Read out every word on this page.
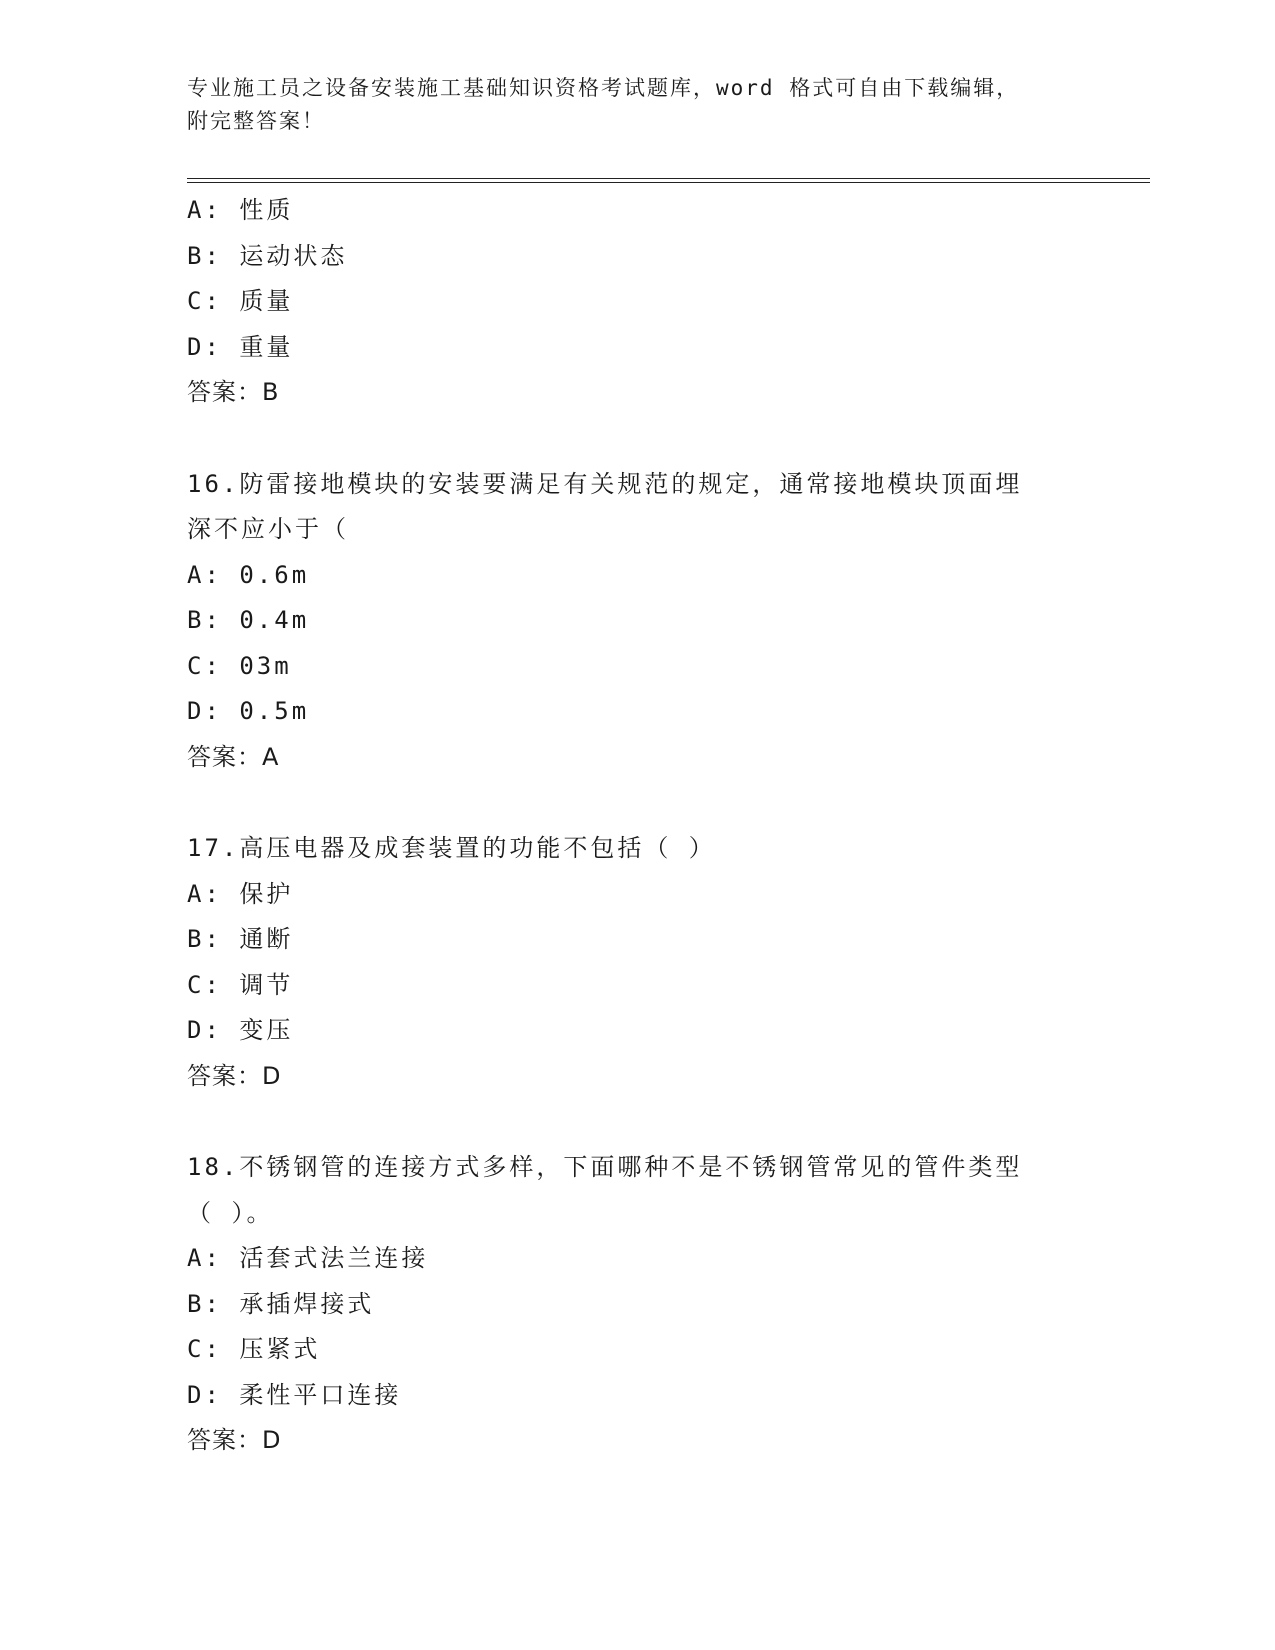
专业施工员之设备安装施工基础知识资格考试题库，word 格式可自由下载编辑，
附完整答案！
A: 性质
B: 运动状态
C: 质量
D: 重量
答案：B
16.防雷接地模块的安装要满足有关规范的规定，通常接地模块顶面埋
深不应小于（
A: 0.6m
B: 0.4m
C: 03m
D: 0.5m
答案：A
17.高压电器及成套装置的功能不包括（ ）
A: 保护
B: 通断
C: 调节
D: 变压
答案：D
18.不锈钢管的连接方式多样，下面哪种不是不锈钢管常见的管件类型
（ ）。
A: 活套式法兰连接
B: 承插焊接式
C: 压紧式
D: 柔性平口连接
答案：D
